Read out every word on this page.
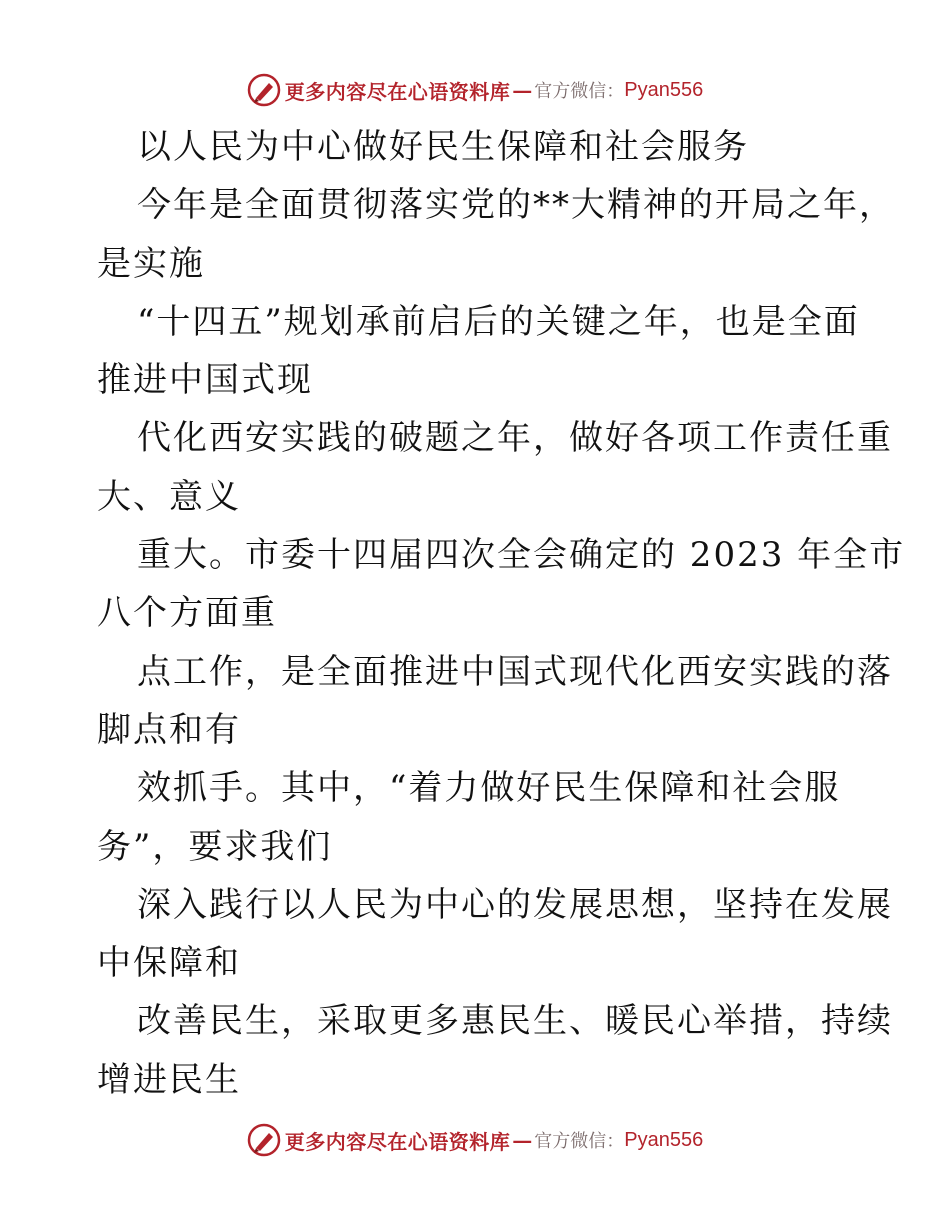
更多内容尽在心语资料库 — 官方微信： Pyan556
以人民为中心做好民生保障和社会服务
今年是全面贯彻落实党的**大精神的开局之年，
是实施
“十四五”规划承前启后的关键之年，也是全面
推进中国式现
代化西安实践的破题之年，做好各项工作责任重
大、意义
重大。市委十四届四次全会确定的 2023 年全市
八个方面重
点工作，是全面推进中国式现代化西安实践的落
脚点和有
效抓手。其中，“着力做好民生保障和社会服
务”，要求我们
深入践行以人民为中心的发展思想，坚持在发展
中保障和
改善民生，采取更多惠民生、暖民心举措，持续
增进民生
更多内容尽在心语资料库 — 官方微信： Pyan556
